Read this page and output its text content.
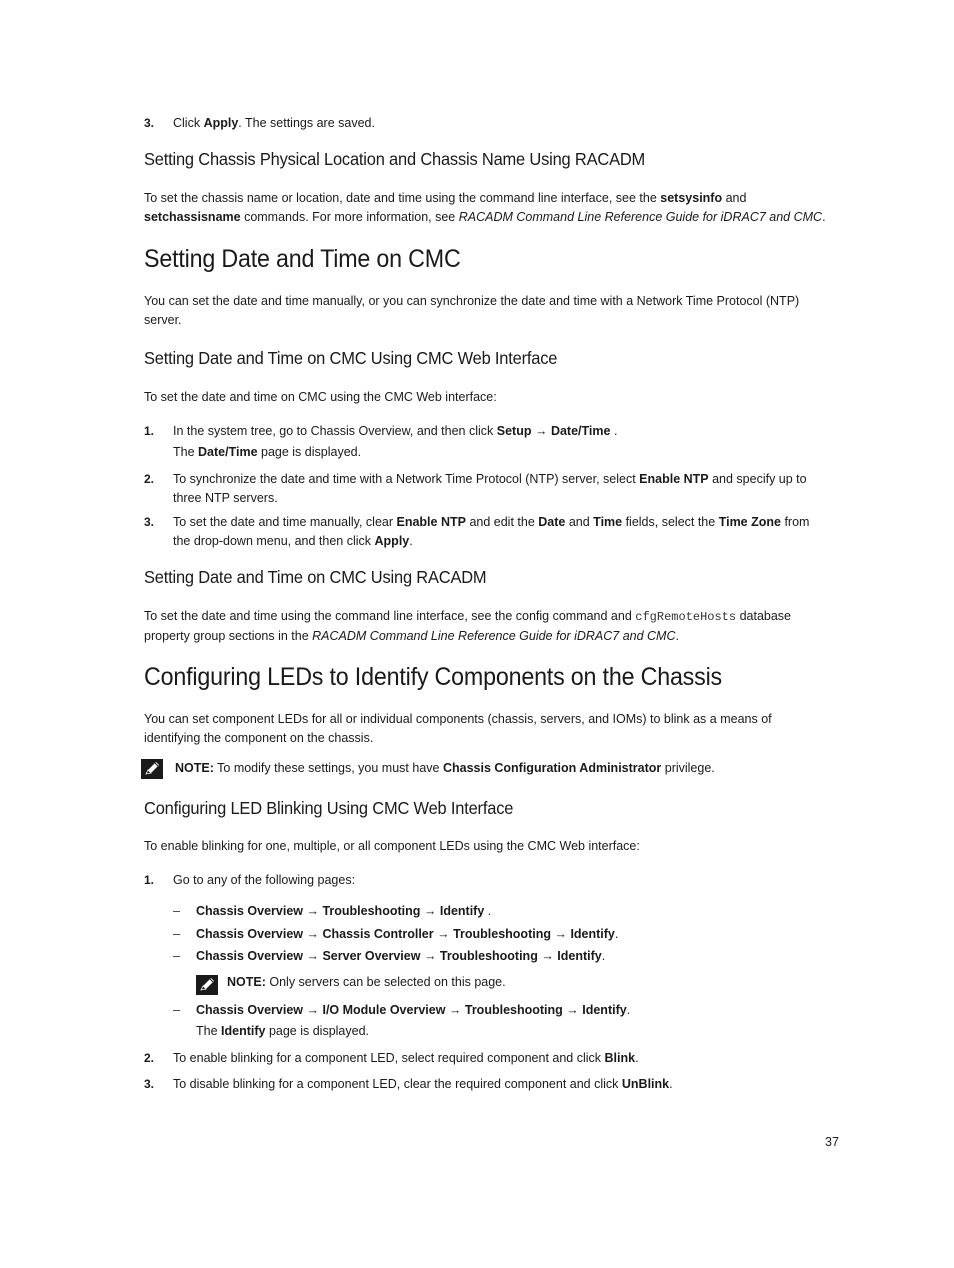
3. Click Apply. The settings are saved.
Setting Chassis Physical Location and Chassis Name Using RACADM
To set the chassis name or location, date and time using the command line interface, see the setsysinfo and
setchassisname commands. For more information, see RACADM Command Line Reference Guide for iDRAC7 and CMC.
Setting Date and Time on CMC
You can set the date and time manually, or you can synchronize the date and time with a Network Time Protocol (NTP)
server.
Setting Date and Time on CMC Using CMC Web Interface
To set the date and time on CMC using the CMC Web interface:
1. In the system tree, go to Chassis Overview, and then click Setup → Date/Time .
The Date/Time page is displayed.
2. To synchronize the date and time with a Network Time Protocol (NTP) server, select Enable NTP and specify up to
three NTP servers.
3. To set the date and time manually, clear Enable NTP and edit the Date and Time fields, select the Time Zone from
the drop-down menu, and then click Apply.
Setting Date and Time on CMC Using RACADM
To set the date and time using the command line interface, see the config command and cfgRemoteHosts database
property group sections in the RACADM Command Line Reference Guide for iDRAC7 and CMC.
Configuring LEDs to Identify Components on the Chassis
You can set component LEDs for all or individual components (chassis, servers, and IOMs) to blink as a means of
identifying the component on the chassis.
NOTE: To modify these settings, you must have Chassis Configuration Administrator privilege.
Configuring LED Blinking Using CMC Web Interface
To enable blinking for one, multiple, or all component LEDs using the CMC Web interface:
1. Go to any of the following pages:
– Chassis Overview → Troubleshooting → Identify .
– Chassis Overview → Chassis Controller → Troubleshooting → Identify.
– Chassis Overview → Server Overview → Troubleshooting → Identify.
NOTE: Only servers can be selected on this page.
– Chassis Overview → I/O Module Overview → Troubleshooting → Identify.
The Identify page is displayed.
2. To enable blinking for a component LED, select required component and click Blink.
3. To disable blinking for a component LED, clear the required component and click UnBlink.
37
